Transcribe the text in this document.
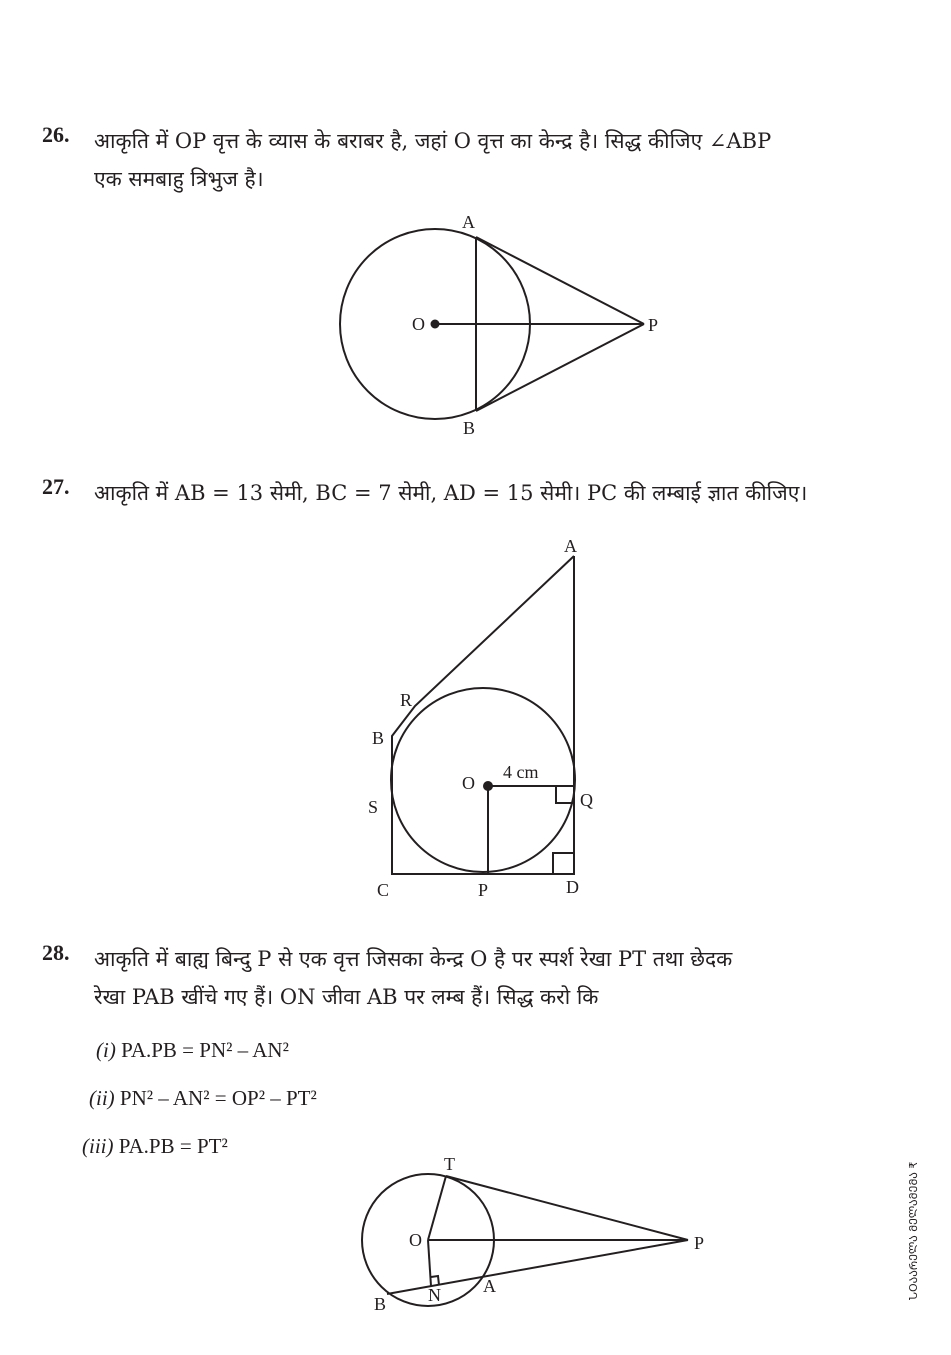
26. आकृति में OP वृत्त के व्यास के बराबर है, जहां O वृत्त का केन्द्र है। सिद्ध कीजिए ∠ABP
एक समबाहु त्रिभुज है।
A
O	P
B
A
R
B
S
O
4 cm
Q
C	P	D
T
O	P
B N A
27. आकृति में AB = 13 सेमी, BC = 7 सेमी, AD = 15 सेमी। PC की लम्बाई ज्ञात कीजिए।
28. आकृति में बाह्य बिन्दु P से एक वृत्त जिसका केन्द्र O है पर स्पर्श रेखा PT तथा छेदक
रेखा PAB खींचे गए हैं। ON जीवा AB पर लम्ब हैं। सिद्ध करो कि
(i) PA.PB = PN² – AN²
(ii) PN² – AN² = OP² – PT²
(iii) PA.PB = PT²
ՆՕᲐᲐᲠᲔᲚᲐ ᲛᲔᲚᲐᲛᲔᲛᲐ ₹
